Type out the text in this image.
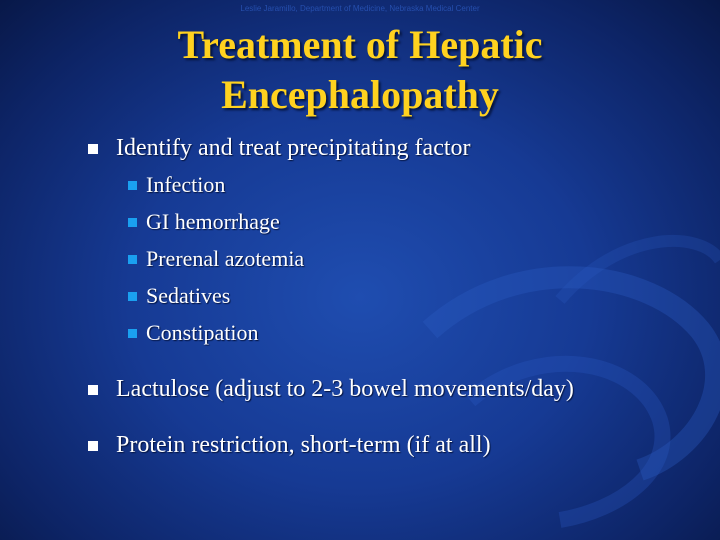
Leslie Jaramillo, Department of Medicine, Nebraska Medical Center
Treatment of Hepatic
Encephalopathy
Identify and treat precipitating factor
Infection
GI hemorrhage
Prerenal azotemia
Sedatives
Constipation
Lactulose (adjust to 2-3 bowel movements/day)
Protein restriction, short-term (if at all)
